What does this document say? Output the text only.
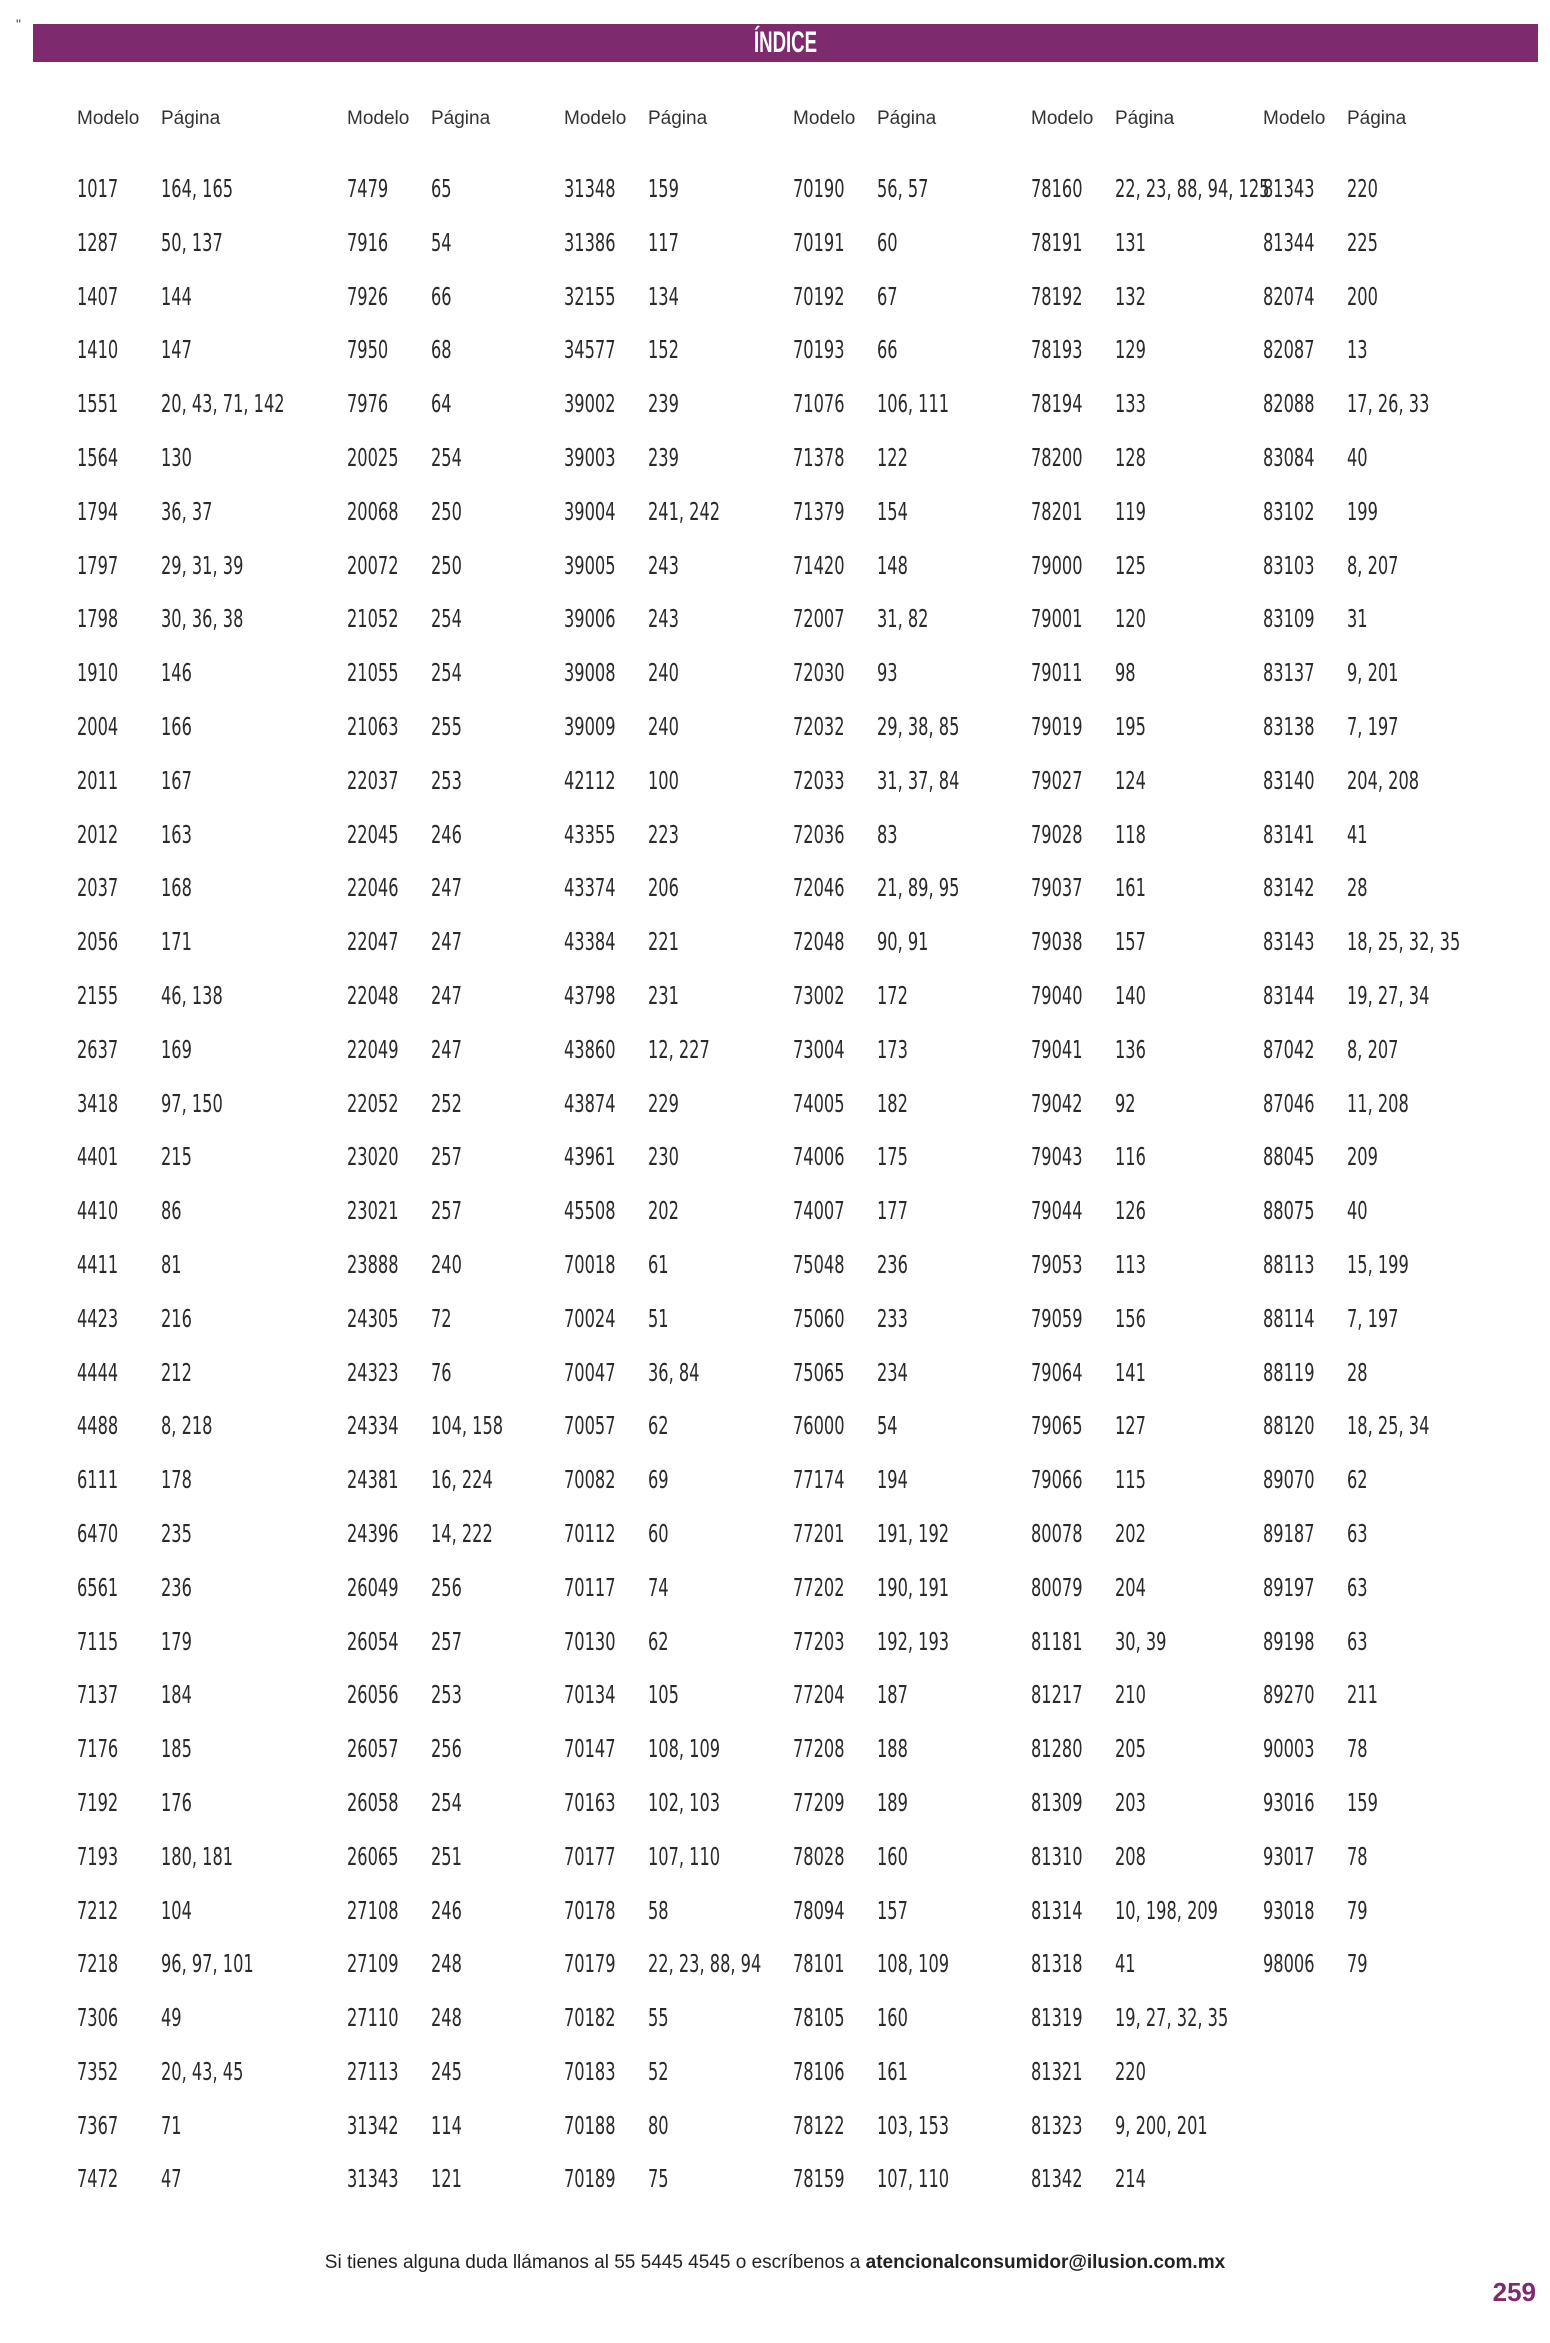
"
ÍNDICE
Modelo Página
1017 164, 165
1287 50, 137
1407 144
1410 147
1551 20, 43, 71, 142
1564 130
1794 36, 37
1797 29, 31, 39
1798 30, 36, 38
1910 146
2004 166
2011 167
2012 163
2037 168
2056 171
2155 46, 138
2637 169
3418 97, 150
4401 215
4410 86
4411 81
4423 216
4444 212
4488 8, 218
6111 178
6470 235
6561 236
7115 179
7137 184
7176 185
7192 176
7193 180, 181
7212 104
7218 96, 97, 101
7306 49
7352 20, 43, 45
7367 71
7472 47
Modelo Página
7479 65
7916 54
7926 66
7950 68
7976 64
20025 254
20068 250
20072 250
21052 254
21055 254
21063 255
22037 253
22045 246
22046 247
22047 247
22048 247
22049 247
22052 252
23020 257
23021 257
23888 240
24305 72
24323 76
24334 104, 158
24381 16, 224
24396 14, 222
26049 256
26054 257
26056 253
26057 256
26058 254
26065 251
27108 246
27109 248
27110 248
27113 245
31342 114
31343 121
Modelo Página
31348 159
31386 117
32155 134
34577 152
39002 239
39003 239
39004 241, 242
39005 243
39006 243
39008 240
39009 240
42112 100
43355 223
43374 206
43384 221
43798 231
43860 12, 227
43874 229
43961 230
45508 202
70018 61
70024 51
70047 36, 84
70057 62
70082 69
70112 60
70117 74
70130 62
70134 105
70147 108, 109
70163 102, 103
70177 107, 110
70178 58
70179 22, 23, 88, 94
70182 55
70183 52
70188 80
70189 75
Modelo Página
70190 56, 57
70191 60
70192 67
70193 66
71076 106, 111
71378 122
71379 154
71420 148
72007 31, 82
72030 93
72032 29, 38, 85
72033 31, 37, 84
72036 83
72046 21, 89, 95
72048 90, 91
73002 172
73004 173
74005 182
74006 175
74007 177
75048 236
75060 233
75065 234
76000 54
77174 194
77201 191, 192
77202 190, 191
77203 192, 193
77204 187
77208 188
77209 189
78028 160
78094 157
78101 108, 109
78105 160
78106 161
78122 103, 153
78159 107, 110
Modelo Página
78160 22, 23, 88, 94, 125
78191 131
78192 132
78193 129
78194 133
78200 128
78201 119
79000 125
79001 120
79011 98
79019 195
79027 124
79028 118
79037 161
79038 157
79040 140
79041 136
79042 92
79043 116
79044 126
79053 113
79059 156
79064 141
79065 127
79066 115
80078 202
80079 204
81181 30, 39
81217 210
81280 205
81309 203
81310 208
81314 10, 198, 209
81318 41
81319 19, 27, 32, 35
81321 220
81323 9, 200, 201
81342 214
Modelo Página
81343 220
81344 225
82074 200
82087 13
82088 17, 26, 33
83084 40
83102 199
83103 8, 207
83109 31
83137 9, 201
83138 7, 197
83140 204, 208
83141 41
83142 28
83143 18, 25, 32, 35
83144 19, 27, 34
87042 8, 207
87046 11, 208
88045 209
88075 40
88113 15, 199
88114 7, 197
88119 28
88120 18, 25, 34
89070 62
89187 63
89197 63
89198 63
89270 211
90003 78
93016 159
93017 78
93018 79
98006 79
Si tienes alguna duda llámanos al 55 5445 4545 o escríbenos a atencionalconsumidor@ilusion.com.mx
259
